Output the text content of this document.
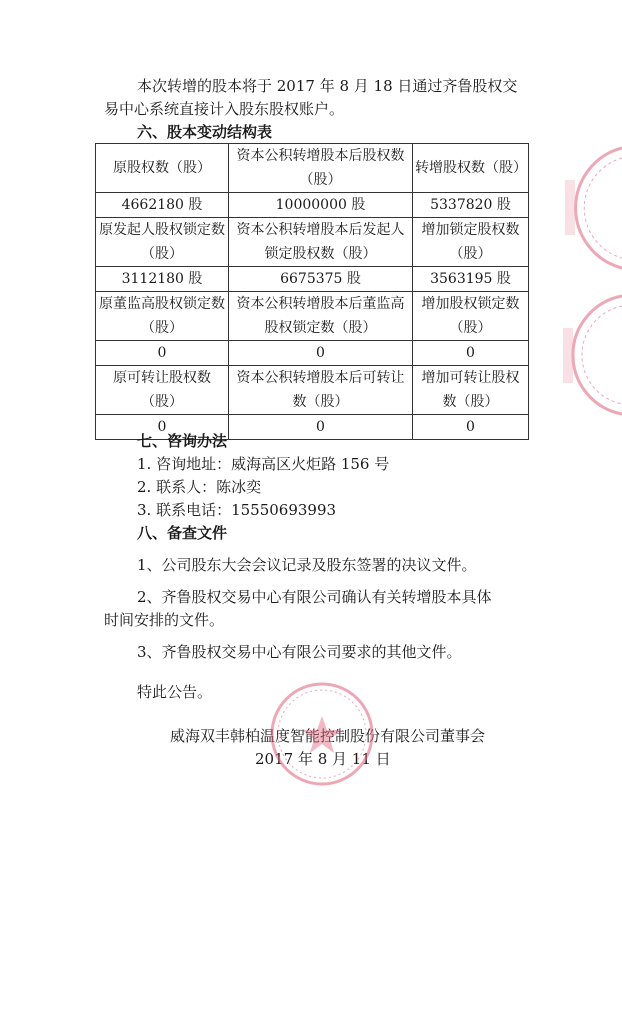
本次转增的股本将于 2017 年 8 月 18 日通过齐鲁股权交
易中心系统直接计入股东股权账户。
六、股本变动结构表
原股权数（股）	资本公积转增股本后股权数（股）	转增股权数（股）
4662180 股	10000000 股	5337820 股
原发起人股权锁定数（股）	资本公积转增股本后发起人锁定股权数（股）	增加锁定股权数（股）
3112180 股	6675375 股	3563195 股
原董监高股权锁定数（股）	资本公积转增股本后董监高股权锁定数（股）	增加股权锁定数（股）
0	0	0
原可转让股权数（股）	资本公积转增股本后可转让数（股）	增加可转让股权数（股）
0	0	0
七、咨询办法
1. 咨询地址：威海高区火炬路 156 号
2. 联系人：陈冰奕
3. 联系电话：15550693993
八、备查文件
1、公司股东大会会议记录及股东签署的决议文件。
2、齐鲁股权交易中心有限公司确认有关转增股本具体
时间安排的文件。
3、齐鲁股权交易中心有限公司要求的其他文件。
特此公告。
威海双丰韩柏温度智能控制股份有限公司董事会
2017 年 8 月 11 日
